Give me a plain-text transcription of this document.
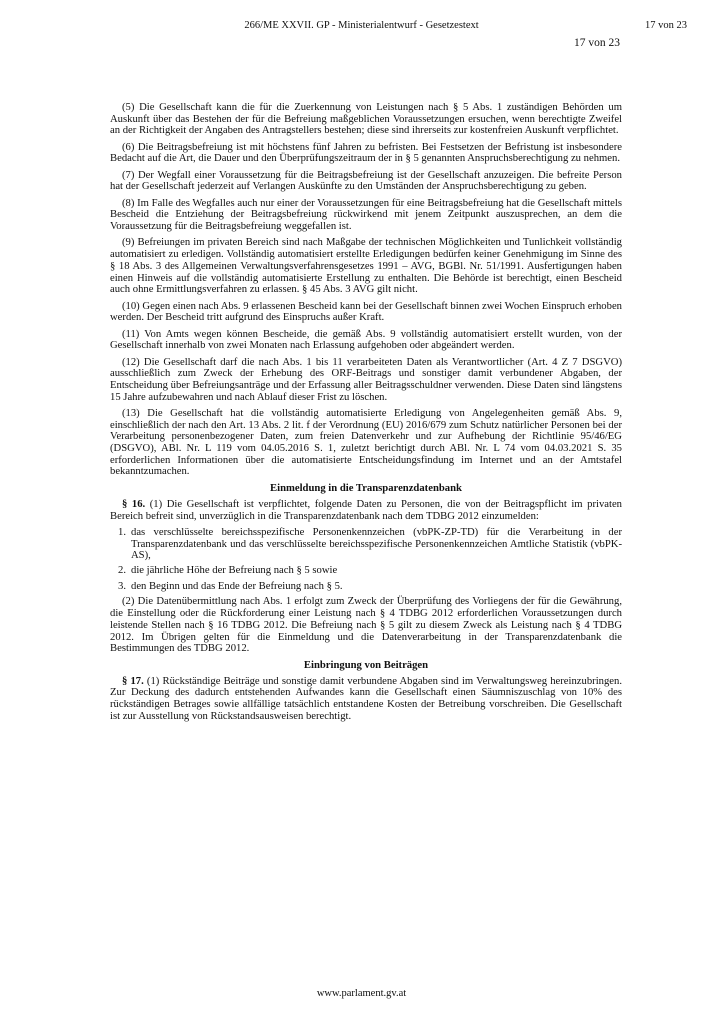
266/ME XXVII. GP - Ministerialentwurf - Gesetzestext	17 von 23
17 von 23

(5) Die Gesellschaft kann die für die Zuerkennung von Leistungen nach § 5 Abs. 1 zuständigen Behörden um Auskunft über das Bestehen der für die Befreiung maßgeblichen Voraussetzungen ersuchen, wenn berechtigte Zweifel an der Richtigkeit der Angaben des Antragstellers bestehen; diese sind ihrerseits zur kostenfreien Auskunft verpflichtet.

(6) Die Beitragsbefreiung ist mit höchstens fünf Jahren zu befristen. Bei Festsetzen der Befristung ist insbesondere Bedacht auf die Art, die Dauer und den Überprüfungszeitraum der in § 5 genannten Anspruchsberechtigung zu nehmen.

(7) Der Wegfall einer Voraussetzung für die Beitragsbefreiung ist der Gesellschaft anzuzeigen. Die befreite Person hat der Gesellschaft jederzeit auf Verlangen Auskünfte zu den Umständen der Anspruchsberechtigung zu geben.

(8) Im Falle des Wegfalles auch nur einer der Voraussetzungen für eine Beitragsbefreiung hat die Gesellschaft mittels Bescheid die Entziehung der Beitragsbefreiung rückwirkend mit jenem Zeitpunkt auszusprechen, an dem die Voraussetzung für die Beitragsbefreiung weggefallen ist.

(9) Befreiungen im privaten Bereich sind nach Maßgabe der technischen Möglichkeiten und Tunlichkeit vollständig automatisiert zu erledigen. Vollständig automatisiert erstellte Erledigungen bedürfen keiner Genehmigung im Sinne des § 18 Abs. 3 des Allgemeinen Verwaltungsverfahrensgesetzes 1991 – AVG, BGBl. Nr. 51/1991. Ausfertigungen haben einen Hinweis auf die vollständig automatisierte Erstellung zu enthalten. Die Behörde ist berechtigt, einen Bescheid auch ohne Ermittlungsverfahren zu erlassen. § 45 Abs. 3 AVG gilt nicht.

(10) Gegen einen nach Abs. 9 erlassenen Bescheid kann bei der Gesellschaft binnen zwei Wochen Einspruch erhoben werden. Der Bescheid tritt aufgrund des Einspruchs außer Kraft.

(11) Von Amts wegen können Bescheide, die gemäß Abs. 9 vollständig automatisiert erstellt wurden, von der Gesellschaft innerhalb von zwei Monaten nach Erlassung aufgehoben oder abgeändert werden.

(12) Die Gesellschaft darf die nach Abs. 1 bis 11 verarbeiteten Daten als Verantwortlicher (Art. 4 Z 7 DSGVO) ausschließlich zum Zweck der Erhebung des ORF-Beitrags und sonstiger damit verbundener Abgaben, der Entscheidung über Befreiungsanträge und der Erfassung aller Beitragsschuldner verwenden. Diese Daten sind längstens 15 Jahre aufzubewahren und nach Ablauf dieser Frist zu löschen.

(13) Die Gesellschaft hat die vollständig automatisierte Erledigung von Angelegenheiten gemäß Abs. 9, einschließlich der nach den Art. 13 Abs. 2 lit. f der Verordnung (EU) 2016/679 zum Schutz natürlicher Personen bei der Verarbeitung personenbezogener Daten, zum freien Datenverkehr und zur Aufhebung der Richtlinie 95/46/EG (DSGVO), ABl. Nr. L 119 vom 04.05.2016 S. 1, zuletzt berichtigt durch ABl. Nr. L 74 vom 04.03.2021 S. 35 erforderlichen Informationen über die automatisierte Entscheidungsfindung im Internet und an der Amtstafel bekanntzumachen.

Einmeldung in die Transparenzdatenbank

§ 16. (1) Die Gesellschaft ist verpflichtet, folgende Daten zu Personen, die von der Beitragspflicht im privaten Bereich befreit sind, unverzüglich in die Transparenzdatenbank nach dem TDBG 2012 einzumelden:

1. das verschlüsselte bereichsspezifische Personenkennzeichen (vbPK-ZP-TD) für die Verarbeitung in der Transparenzdatenbank und das verschlüsselte bereichsspezifische Personenkennzeichen Amtliche Statistik (vbPK-AS),
2. die jährliche Höhe der Befreiung nach § 5 sowie
3. den Beginn und das Ende der Befreiung nach § 5.

(2) Die Datenübermittlung nach Abs. 1 erfolgt zum Zweck der Überprüfung des Vorliegens der für die Gewährung, die Einstellung oder die Rückforderung einer Leistung nach § 4 TDBG 2012 erforderlichen Voraussetzungen durch leistende Stellen nach § 16 TDBG 2012. Die Befreiung nach § 5 gilt zu diesem Zweck als Leistung nach § 4 TDBG 2012. Im Übrigen gelten für die Einmeldung und die Datenverarbeitung in der Transparenzdatenbank die Bestimmungen des TDBG 2012.

Einbringung von Beiträgen

§ 17. (1) Rückständige Beiträge und sonstige damit verbundene Abgaben sind im Verwaltungsweg hereinzubringen. Zur Deckung des dadurch entstehenden Aufwandes kann die Gesellschaft einen Säumniszuschlag von 10% des rückständigen Betrages sowie allfällige tatsächlich entstandene Kosten der Betreibung vorschreiben. Die Gesellschaft ist zur Ausstellung von Rückstandsausweisen berechtigt.

www.parlament.gv.at
